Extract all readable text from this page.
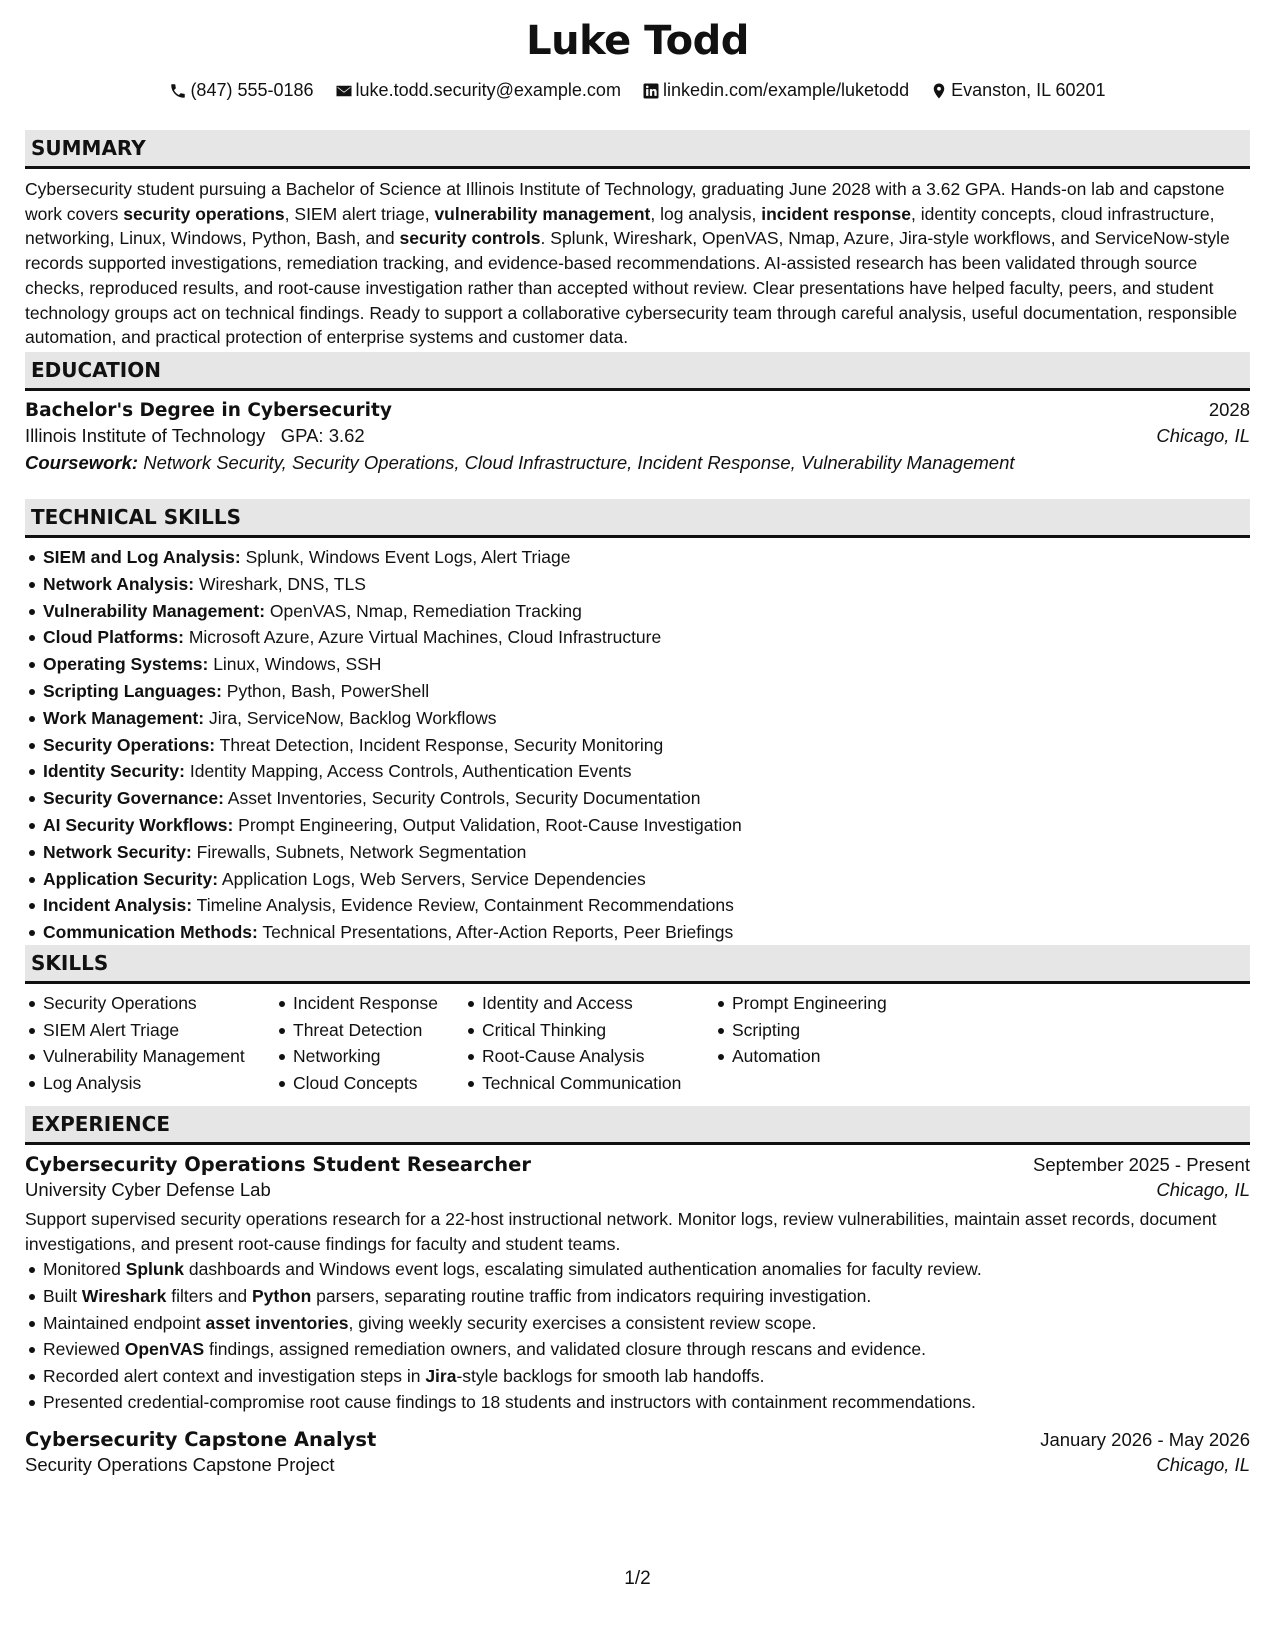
Luke Todd
(847) 555-0186
luke.todd.security@example.com
linkedin.com/example/luketodd
Evanston, IL 60201
SUMMARY
Cybersecurity student pursuing a Bachelor of Science at Illinois Institute of Technology, graduating June 2028 with a 3.62 GPA. Hands-on lab and capstone work covers security operations, SIEM alert triage, vulnerability management, log analysis, incident response, identity concepts, cloud infrastructure, networking, Linux, Windows, Python, Bash, and security controls. Splunk, Wireshark, OpenVAS, Nmap, Azure, Jira-style workflows, and ServiceNow-style records supported investigations, remediation tracking, and evidence-based recommendations. AI-assisted research has been validated through source checks, reproduced results, and root-cause investigation rather than accepted without review. Clear presentations have helped faculty, peers, and student technology groups act on technical findings. Ready to support a collaborative cybersecurity team through careful analysis, useful documentation, responsible automation, and practical protection of enterprise systems and customer data.
EDUCATION
Bachelor's Degree in Cybersecurity	2028
Illinois Institute of Technology GPA: 3.62	Chicago, IL
Coursework: Network Security, Security Operations, Cloud Infrastructure, Incident Response, Vulnerability Management
TECHNICAL SKILLS
SIEM and Log Analysis: Splunk, Windows Event Logs, Alert Triage
Network Analysis: Wireshark, DNS, TLS
Vulnerability Management: OpenVAS, Nmap, Remediation Tracking
Cloud Platforms: Microsoft Azure, Azure Virtual Machines, Cloud Infrastructure
Operating Systems: Linux, Windows, SSH
Scripting Languages: Python, Bash, PowerShell
Work Management: Jira, ServiceNow, Backlog Workflows
Security Operations: Threat Detection, Incident Response, Security Monitoring
Identity Security: Identity Mapping, Access Controls, Authentication Events
Security Governance: Asset Inventories, Security Controls, Security Documentation
AI Security Workflows: Prompt Engineering, Output Validation, Root-Cause Investigation
Network Security: Firewalls, Subnets, Network Segmentation
Application Security: Application Logs, Web Servers, Service Dependencies
Incident Analysis: Timeline Analysis, Evidence Review, Containment Recommendations
Communication Methods: Technical Presentations, After-Action Reports, Peer Briefings
SKILLS
Security Operations
SIEM Alert Triage
Vulnerability Management
Log Analysis
Incident Response
Threat Detection
Networking
Cloud Concepts
Identity and Access
Critical Thinking
Root-Cause Analysis
Technical Communication
Prompt Engineering
Scripting
Automation
EXPERIENCE
Cybersecurity Operations Student Researcher	September 2025 - Present
University Cyber Defense Lab	Chicago, IL
Support supervised security operations research for a 22-host instructional network. Monitor logs, review vulnerabilities, maintain asset records, document investigations, and present root-cause findings for faculty and student teams.
Monitored Splunk dashboards and Windows event logs, escalating simulated authentication anomalies for faculty review.
Built Wireshark filters and Python parsers, separating routine traffic from indicators requiring investigation.
Maintained endpoint asset inventories, giving weekly security exercises a consistent review scope.
Reviewed OpenVAS findings, assigned remediation owners, and validated closure through rescans and evidence.
Recorded alert context and investigation steps in Jira-style backlogs for smooth lab handoffs.
Presented credential-compromise root cause findings to 18 students and instructors with containment recommendations.
Cybersecurity Capstone Analyst	January 2026 - May 2026
Security Operations Capstone Project	Chicago, IL
1/2
